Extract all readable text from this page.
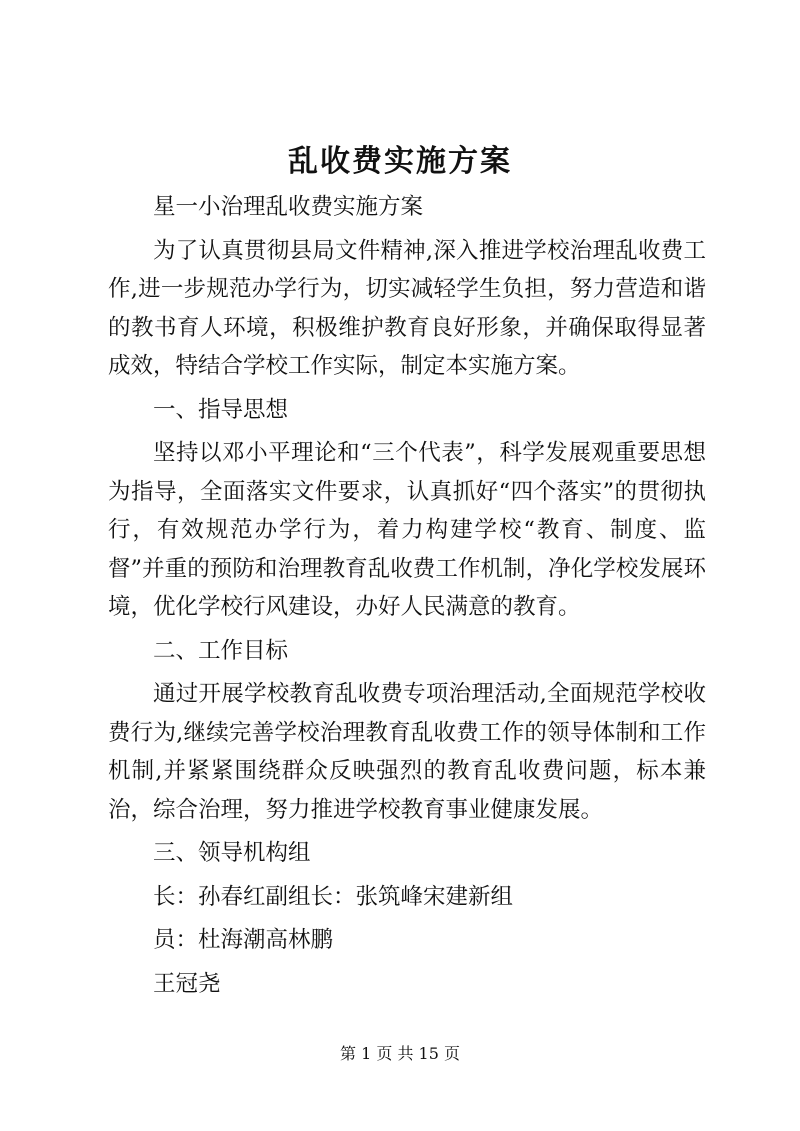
乱收费实施方案

星一小治理乱收费实施方案

为了认真贯彻县局文件精神,深入推进学校治理乱收费工作,进一步规范办学行为，切实减轻学生负担，努力营造和谐的教书育人环境，积极维护教育良好形象，并确保取得显著成效，特结合学校工作实际，制定本实施方案。

一、指导思想

坚持以邓小平理论和“三个代表”，科学发展观重要思想为指导，全面落实文件要求，认真抓好“四个落实”的贯彻执行，有效规范办学行为，着力构建学校“教育、制度、监督”并重的预防和治理教育乱收费工作机制，净化学校发展环境，优化学校行风建设，办好人民满意的教育。

二、工作目标

通过开展学校教育乱收费专项治理活动,全面规范学校收费行为,继续完善学校治理教育乱收费工作的领导体制和工作机制,并紧紧围绕群众反映强烈的教育乱收费问题，标本兼治，综合治理，努力推进学校教育事业健康发展。

三、领导机构组

长：孙春红副组长：张筑峰宋建新组

员：杜海潮高林鹏

王冠尧

第 1 页 共 15 页
